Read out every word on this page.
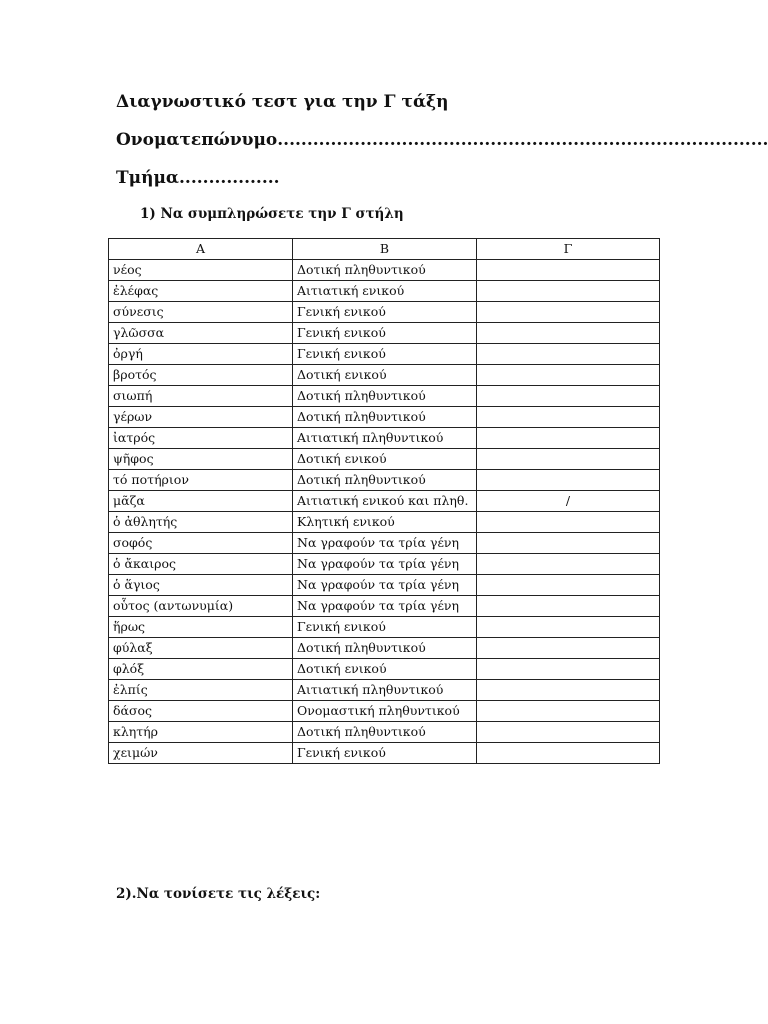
Διαγνωστικό τεστ για την Γ τάξη
Ονοματεπώνυμο...................................................................................
Τμήμα.................
1) Να συμπληρώσετε την Γ στήλη
Α	Β	Γ
νέος	Δοτική πληθυντικού	
ἐλέφας	Αιτιατική ενικού	
σύνεσις	Γενική ενικού	
γλῶσσα	Γενική ενικού	
ὀργή	Γενική ενικού	
βροτός	Δοτική ενικού	
σιωπή	Δοτική πληθυντικού	
γέρων	Δοτική πληθυντικού	
ἰατρός	Αιτιατική πληθυντικού	
ψῆφος	Δοτική ενικού	
τό ποτήριον	Δοτική πληθυντικού	
μᾶζα	Αιτιατική ενικού και πληθ.	/
ὁ ἀθλητής	Κλητική ενικού	
σοφός	Να γραφούν τα τρία γένη	
ὁ ἄκαιρος	Να γραφούν τα τρία γένη	
ὁ ἅγιος	Να γραφούν τα τρία γένη	
οὗτος (αντωνυμία)	Να γραφούν τα τρία γένη	
ἥρως	Γενική ενικού	
φύλαξ	Δοτική πληθυντικού	
φλόξ	Δοτική ενικού	
ἐλπίς	Αιτιατική πληθυντικού	
δάσος	Ονομαστική πληθυντικού	
κλητήρ	Δοτική πληθυντικού	
χειμών	Γενική ενικού	
2).Να τονίσετε τις λέξεις:
